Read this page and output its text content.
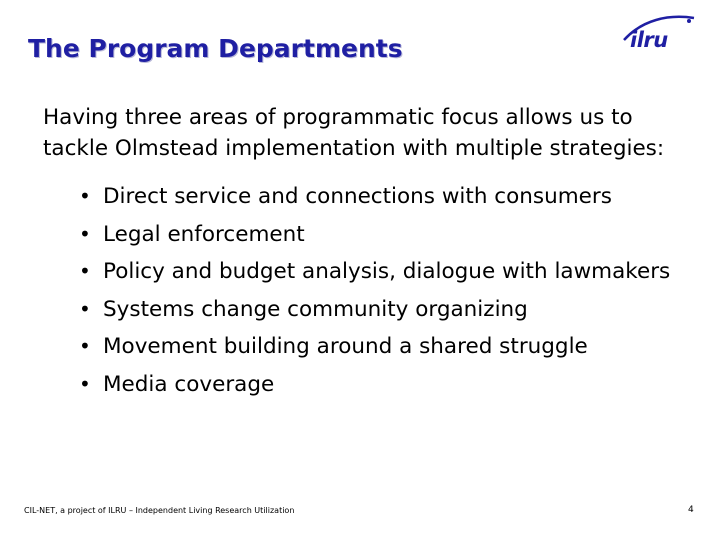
The Program Departments	ilru
Having three areas of programmatic focus allows us to
tackle Olmstead implementation with multiple strategies:
• Direct service and connections with consumers
• Legal enforcement
• Policy and budget analysis, dialogue with lawmakers
• Systems change community organizing
• Movement building around a shared struggle
• Media coverage
CIL-NET, a project of ILRU – Independent Living Research Utilization	4
